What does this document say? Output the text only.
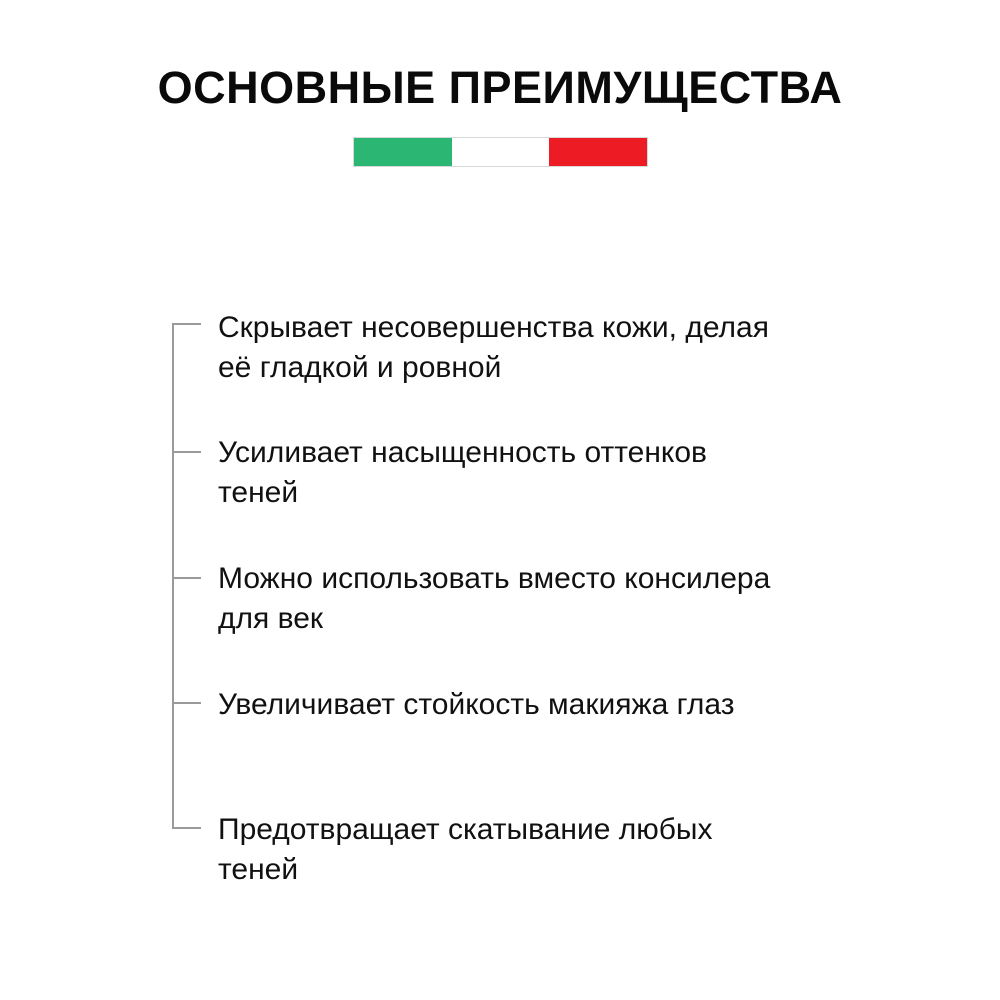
ОСНОВНЫЕ ПРЕИМУЩЕСТВА
Скрывает несовершенства кожи, делая
её гладкой и ровной
Усиливает насыщенность оттенков
теней
Можно использовать вместо консилера
для век
Увеличивает стойкость макияжа глаз
Предотвращает скатывание любых
теней
